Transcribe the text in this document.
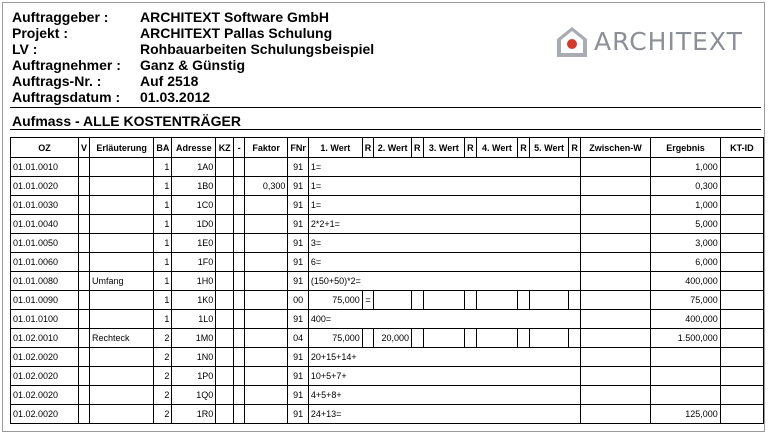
Auftraggeber :	ARCHITEXT Software GmbH
Projekt :	ARCHITEXT Pallas Schulung
LV :	Rohbauarbeiten Schulungsbeispiel
Auftragnehmer :	Ganz & Günstig
Auftrags-Nr. :	Auf 2518
Auftragsdatum :	01.03.2012
ARCHITEXT
Aufmass - ALLE KOSTENTRÄGER
OZ	V	Erläuterung	BA	Adresse	KZ	-	Faktor	FNr	1. Wert	R	2. Wert	R	3. Wert	R	4. Wert	R	5. Wert	R	Zwischen-W	Ergebnis	KT-ID
01.01.0010			1	1A0				91	1=											1,000	
01.01.0020			1	1B0			0,300	91	1=											0,300	
01.01.0030			1	1C0				91	1=											1,000	
01.01.0040			1	1D0				91	2*2+1=											5,000	
01.01.0050			1	1E0				91	3=											3,000	
01.01.0060			1	1F0				91	6=											6,000	
01.01.0080		Umfang	1	1H0				91	(150+50)*2=											400,000	
01.01.0090			1	1K0				00	75,000	=										75,000	
01.01.0100			1	1L0				91	400=											400,000	
01.02.0010		Rechteck	2	1M0				04	75,000		20,000									1.500,000	
01.02.0020			2	1N0				91	20+15+14+												
01.02.0020			2	1P0				91	10+5+7+												
01.02.0020			2	1Q0				91	4+5+8+												
01.02.0020			2	1R0				91	24+13=											125,000	
